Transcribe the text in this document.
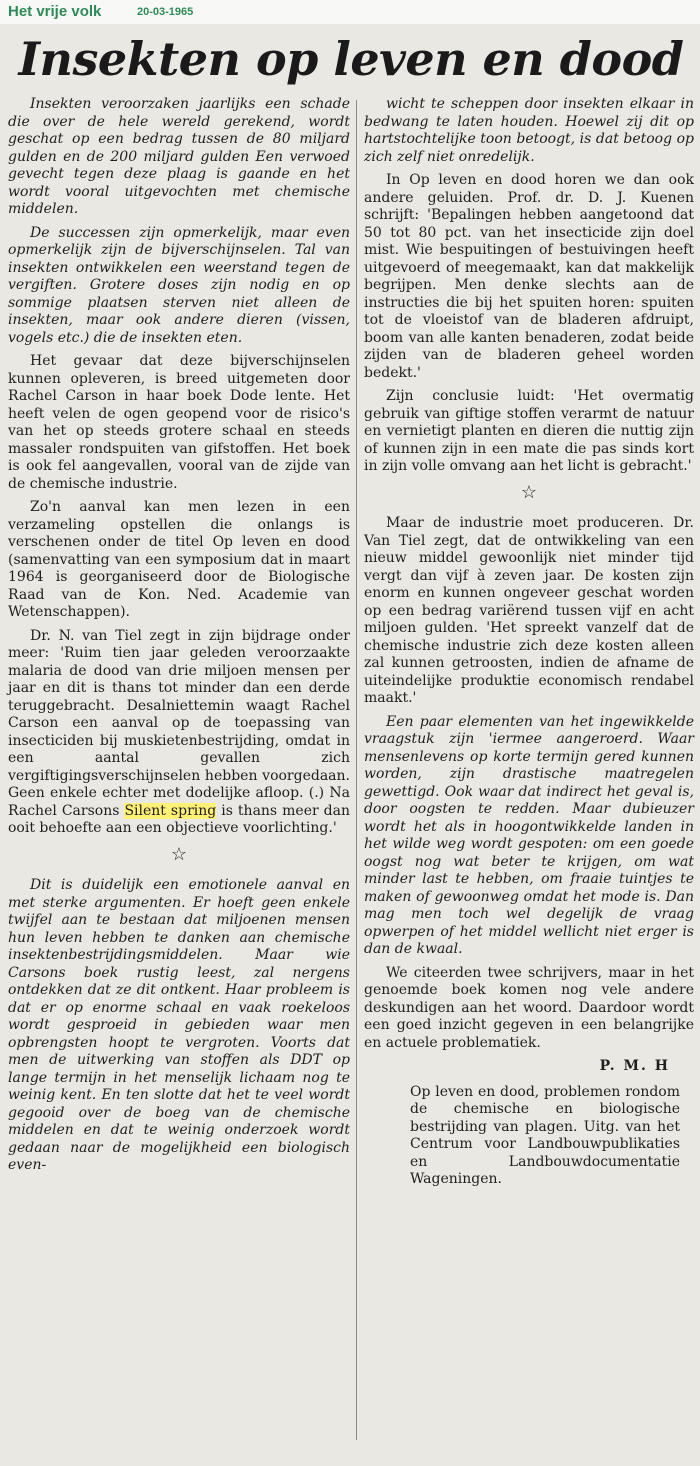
Het vrije volk	20-03-1965
Insekten op leven en dood

Insekten veroorzaken jaarlijks een schade die over de hele wereld gerekend, wordt geschat op een bedrag tussen de 80 miljard gulden en de 200 miljard gulden Een verwoed gevecht tegen deze plaag is gaande en het wordt vooral uitgevochten met chemische middelen.

De successen zijn opmerkelijk, maar even opmerkelijk zijn de bijverschijnselen. Tal van insekten ontwikkelen een weerstand tegen de vergiften. Grotere doses zijn nodig en op sommige plaatsen sterven niet alleen de insekten, maar ook andere dieren (vissen, vogels etc.) die de insekten eten.

Het gevaar dat deze bijverschijnselen kunnen opleveren, is breed uitgemeten door Rachel Carson in haar boek Dode lente. Het heeft velen de ogen geopend voor de risico's van het op steeds grotere schaal en steeds massaler rondspuiten van gifstoffen. Het boek is ook fel aangevallen, vooral van de zijde van de chemische industrie.

Zo'n aanval kan men lezen in een verzameling opstellen die onlangs is verschenen onder de titel Op leven en dood (samenvatting van een symposium dat in maart 1964 is georganiseerd door de Biologische Raad van de Kon. Ned. Academie van Wetenschappen).

Dr. N. van Tiel zegt in zijn bijdrage onder meer: 'Ruim tien jaar geleden veroorzaakte malaria de dood van drie miljoen mensen per jaar en dit is thans tot minder dan een derde teruggebracht. Desalniettemin waagt Rachel Carson een aanval op de toepassing van insecticiden bij muskietenbestrijding, omdat in een aantal gevallen zich vergiftigingsverschijnselen hebben voorgedaan. Geen enkele echter met dodelijke afloop. (.) Na Rachel Carsons Silent spring is thans meer dan ooit behoefte aan een objectieve voorlichting.'

☆

Dit is duidelijk een emotionele aanval en met sterke argumenten. Er hoeft geen enkele twijfel aan te bestaan dat miljoenen mensen hun leven hebben te danken aan chemische insektenbestrijdingsmiddelen. Maar wie Carsons boek rustig leest, zal nergens ontdekken dat ze dit ontkent. Haar probleem is dat er op enorme schaal en vaak roekeloos wordt gesproeid in gebieden waar men opbrengsten hoopt te vergroten. Voorts dat men de uitwerking van stoffen als DDT op lange termijn in het menselijk lichaam nog te weinig kent. En ten slotte dat het te veel wordt gegooid over de boeg van de chemische middelen en dat te weinig onderzoek wordt gedaan naar de mogelijkheid een biologisch even-

wicht te scheppen door insekten elkaar in bedwang te laten houden. Hoewel zij dit op hartstochtelijke toon betoogt, is dat betoog op zich zelf niet onredelijk.

In Op leven en dood horen we dan ook andere geluiden. Prof. dr. D. J. Kuenen schrijft: 'Bepalingen hebben aangetoond dat 50 tot 80 pct. van het insecticide zijn doel mist. Wie bespuitingen of bestuivingen heeft uitgevoerd of meegemaakt, kan dat makkelijk begrijpen. Men denke slechts aan de instructies die bij het spuiten horen: spuiten tot de vloeistof van de bladeren afdruipt, boom van alle kanten benaderen, zodat beide zijden van de bladeren geheel worden bedekt.'

Zijn conclusie luidt: 'Het overmatig gebruik van giftige stoffen verarmt de natuur en vernietigt planten en dieren die nuttig zijn of kunnen zijn in een mate die pas sinds kort in zijn volle omvang aan het licht is gebracht.'

☆

Maar de industrie moet produceren. Dr. Van Tiel zegt, dat de ontwikkeling van een nieuw middel gewoonlijk niet minder tijd vergt dan vijf à zeven jaar. De kosten zijn enorm en kunnen ongeveer geschat worden op een bedrag variërend tussen vijf en acht miljoen gulden. 'Het spreekt vanzelf dat de chemische industrie zich deze kosten alleen zal kunnen getroosten, indien de afname de uiteindelijke produktie economisch rendabel maakt.'

Een paar elementen van het ingewikkelde vraagstuk zijn 'iermee aangeroerd. Waar mensenlevens op korte termijn gered kunnen worden, zijn drastische maatregelen gewettigd. Ook waar dat indirect het geval is, door oogsten te redden. Maar dubieuzer wordt het als in hoogontwikkelde landen in het wilde weg wordt gespoten: om een goede oogst nog wat beter te krijgen, om wat minder last te hebben, om fraaie tuintjes te maken of gewoonweg omdat het mode is. Dan mag men toch wel degelijk de vraag opwerpen of het middel wellicht niet erger is dan de kwaal.

We citeerden twee schrijvers, maar in het genoemde boek komen nog vele andere deskundigen aan het woord. Daardoor wordt een goed inzicht gegeven in een belangrijke en actuele problematiek.

P. M. H

Op leven en dood, problemen rondom de chemische en biologische bestrijding van plagen. Uitg. van het Centrum voor Landbouwpublikaties en Landbouwdocumentatie Wageningen.
